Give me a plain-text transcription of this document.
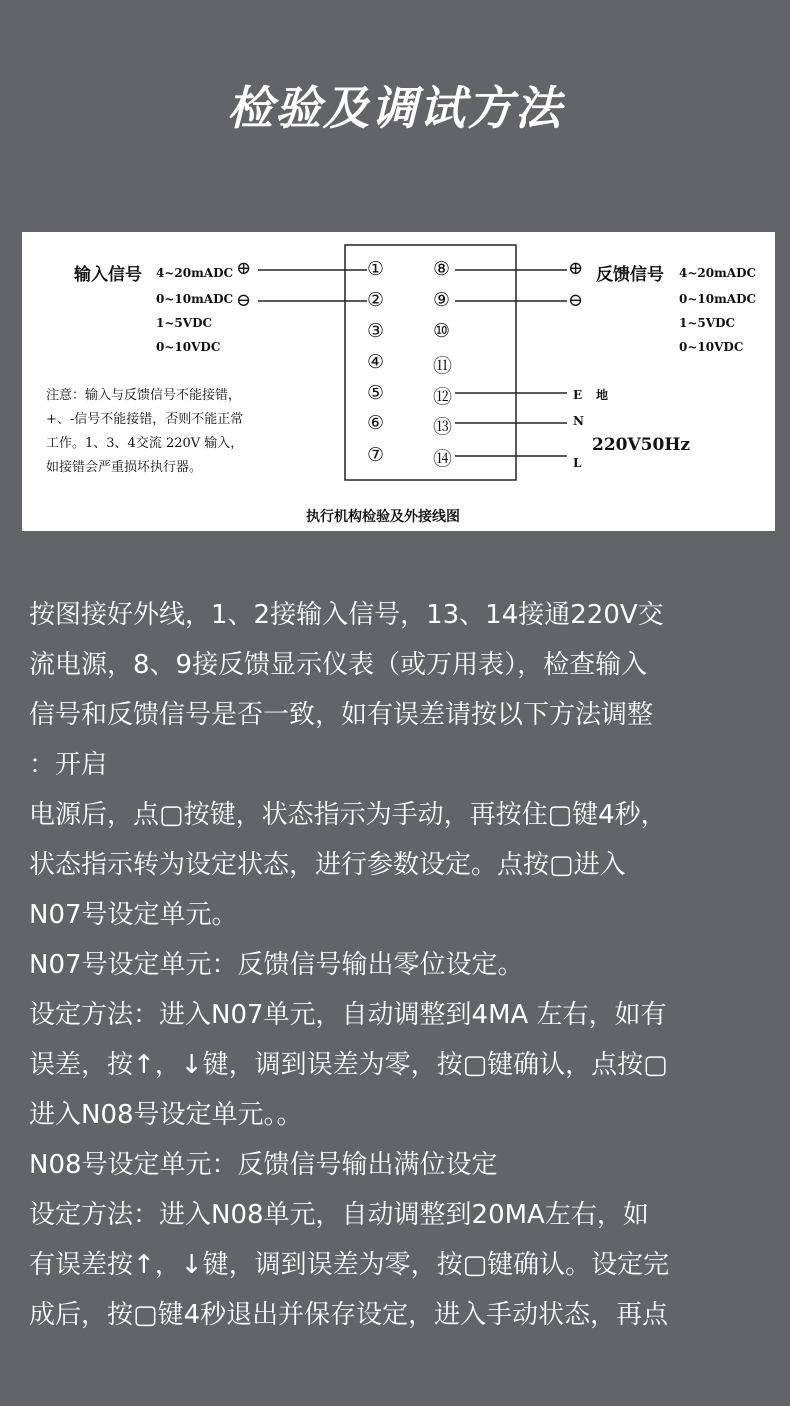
检验及调试方法
输入信号 4~20mADC
0~10mADC
1~5VDC
0~10VDC
⊕
⊖
①
②
③
④
⑤
⑥
⑦
⑧
⑨
⑩
⑪
⑫
⑬
⑭
⊕
⊖
反馈信号 4~20mADC
0~10mADC
1~5VDC
0~10VDC
E 地
N
L
220V50Hz
注意：输入与反馈信号不能接错，
+、-信号不能接错，否则不能正常
工作。1、3、4交流 220V 输入，
如接错会严重损坏执行器。
执行机构检验及外接线图

按图接好外线，1、2接输入信号，13、14接通220V交

流电源，8、9接反馈显示仪表（或万用表），检查输入

信号和反馈信号是否一致，如有误差请按以下方法调整

：开启

电源后，点▢按键，状态指示为手动，再按住▢键4秒，

状态指示转为设定状态，进行参数设定。点按▢进入

N07号设定单元。

N07号设定单元：反馈信号输出零位设定。

设定方法：进入N07单元，自动调整到4MA 左右，如有

误差，按↑，↓键，调到误差为零，按▢键确认，点按▢

进入N08号设定单元。。

N08号设定单元：反馈信号输出满位设定

设定方法：进入N08单元，自动调整到20MA左右，如

有误差按↑，↓键，调到误差为零，按▢键确认。设定完

成后，按▢键4秒退出并保存设定，进入手动状态，再点
